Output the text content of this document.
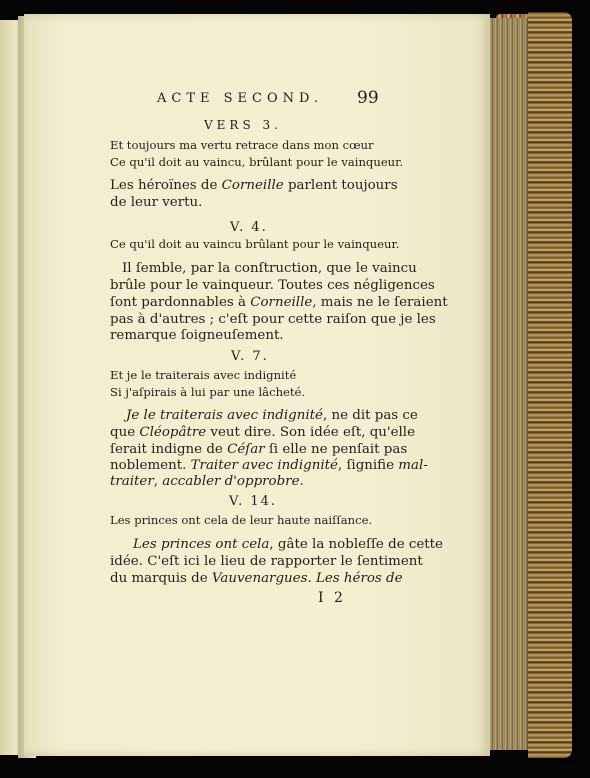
ACTE SECOND. 99
VERS 3.
Et toujours ma vertu retrace dans mon cœur
Ce qu'il doit au vaincu, brûlant pour le vainqueur.
Les héroïnes de Corneille parlent toujours
de leur vertu.
V. 4.
Ce qu'il doit au vaincu brûlant pour le vainqueur.
Il ſemble, par la conſtruction, que le vaincu
brûle pour le vainqueur. Toutes ces négligences
ſont pardonnables à Corneille, mais ne le ſeraient
pas à d'autres ; c'eſt pour cette raiſon que je les
remarque ſoigneuſement.
V. 7.
Et je le traiterais avec indignité
Si j'aſpirais à lui par une lâcheté.
Je le traiterais avec indignité, ne dit pas ce
que Cléopâtre veut dire. Son idée eſt, qu'elle
ſerait indigne de Céſar ſi elle ne penſait pas
noblement. Traiter avec indignité, ſignifie mal-
traiter, accabler d'opprobre.
V. 14.
Les princes ont cela de leur haute naiſſance.
Les princes ont cela, gâte la nobleſſe de cette
idée. C'eſt ici le lieu de rapporter le ſentiment
du marquis de Vauvenargues. Les héros de
I 2
